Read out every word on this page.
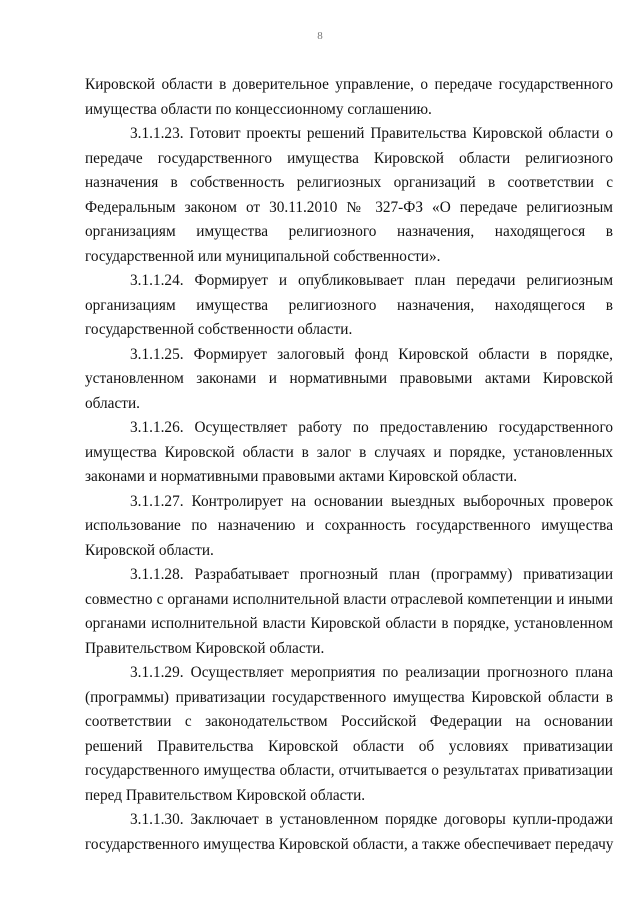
8
Кировской области в доверительное управление, о передаче государственного
имущества области по концессионному соглашению.
3.1.1.23. Готовит проекты решений Правительства Кировской области о
передаче государственного имущества Кировской области религиозного
назначения в собственность религиозных организаций в соответствии с
Федеральным законом от 30.11.2010 № 327-ФЗ «О передаче религиозным
организациям имущества религиозного назначения, находящегося в
государственной или муниципальной собственности».
3.1.1.24. Формирует и опубликовывает план передачи религиозным
организациям имущества религиозного назначения, находящегося в
государственной собственности области.
3.1.1.25. Формирует залоговый фонд Кировской области в порядке,
установленном законами и нормативными правовыми актами Кировской
области.
3.1.1.26. Осуществляет работу по предоставлению государственного
имущества Кировской области в залог в случаях и порядке, установленных
законами и нормативными правовыми актами Кировской области.
3.1.1.27. Контролирует на основании выездных выборочных проверок
использование по назначению и сохранность государственного имущества
Кировской области.
3.1.1.28. Разрабатывает прогнозный план (программу) приватизации
совместно с органами исполнительной власти отраслевой компетенции и иными
органами исполнительной власти Кировской области в порядке, установленном
Правительством Кировской области.
3.1.1.29. Осуществляет мероприятия по реализации прогнозного плана
(программы) приватизации государственного имущества Кировской области в
соответствии с законодательством Российской Федерации на основании
решений Правительства Кировской области об условиях приватизации
государственного имущества области, отчитывается о результатах приватизации
перед Правительством Кировской области.
3.1.1.30. Заключает в установленном порядке договоры купли-продажи
государственного имущества Кировской области, а также обеспечивает передачу
